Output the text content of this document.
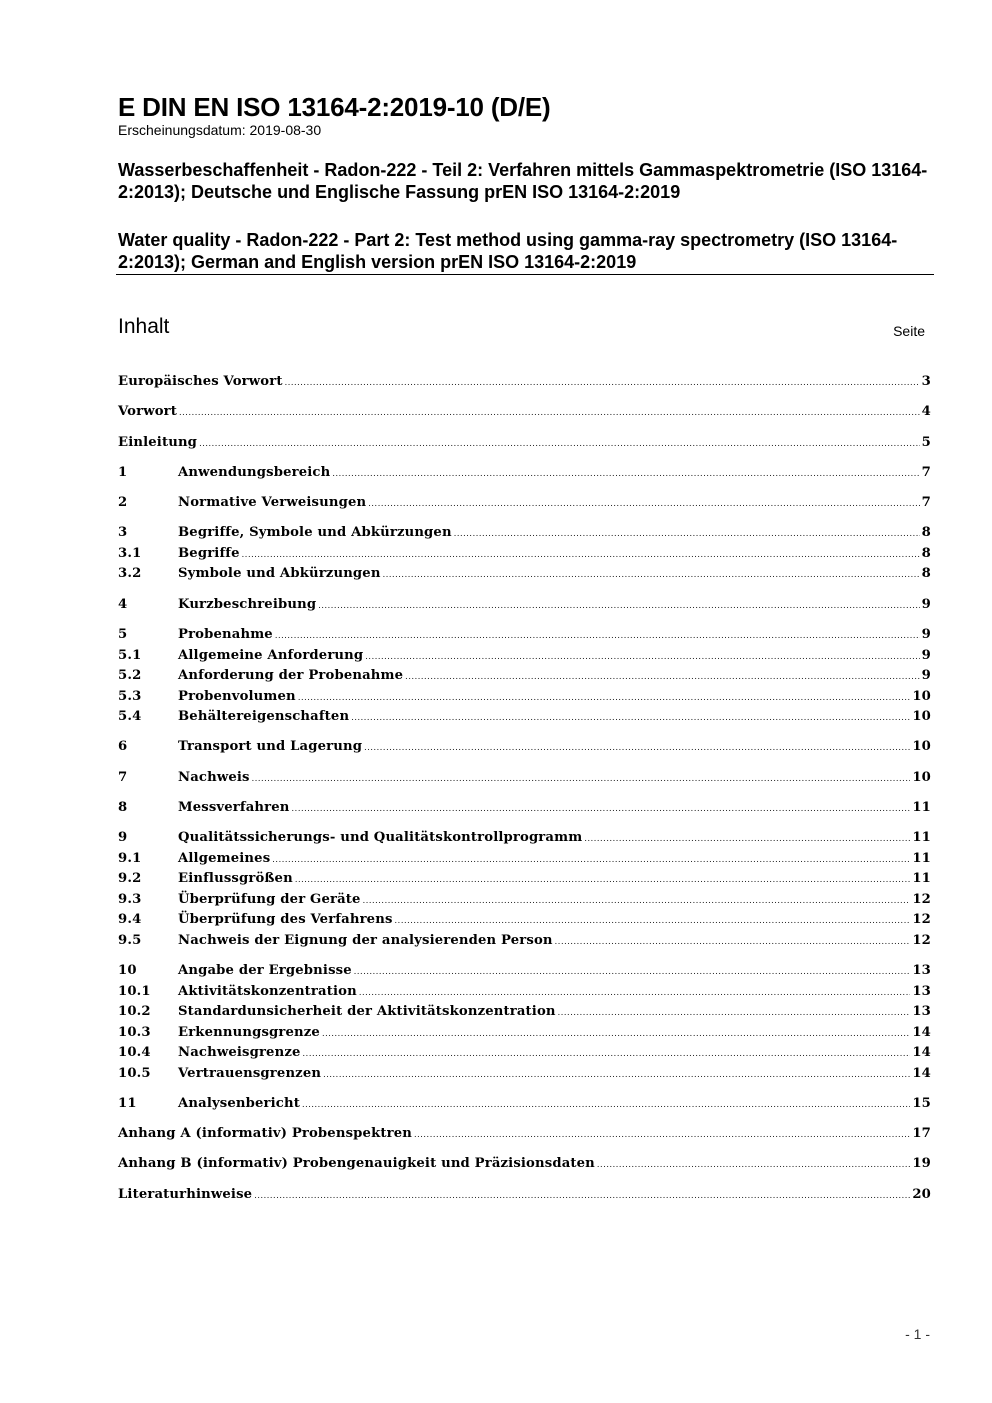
E DIN EN ISO 13164-2:2019-10 (D/E)
Erscheinungsdatum: 2019-08-30
Wasserbeschaffenheit - Radon-222 - Teil 2: Verfahren mittels Gammaspektrometrie (ISO 13164-2:2013); Deutsche und Englische Fassung prEN ISO 13164-2:2019
Water quality - Radon-222 - Part 2: Test method using gamma-ray spectrometry (ISO 13164-2:2013); German and English version prEN ISO 13164-2:2019
Inhalt	Seite
Europäisches Vorwort .....	3
Vorwort .....	4
Einleitung .....	5
1	Anwendungsbereich .....	7
2	Normative Verweisungen .....	7
3	Begriffe, Symbole und Abkürzungen .....	8
3.1	Begriffe .....	8
3.2	Symbole und Abkürzungen .....	8
4	Kurzbeschreibung .....	9
5	Probenahme .....	9
5.1	Allgemeine Anforderung .....	9
5.2	Anforderung der Probenahme .....	9
5.3	Probenvolumen .....	10
5.4	Behältereigenschaften .....	10
6	Transport und Lagerung .....	10
7	Nachweis .....	10
8	Messverfahren .....	11
9	Qualitätssicherungs- und Qualitätskontrollprogramm .....	11
9.1	Allgemeines .....	11
9.2	Einflussgrößen .....	11
9.3	Überprüfung der Geräte .....	12
9.4	Überprüfung des Verfahrens .....	12
9.5	Nachweis der Eignung der analysierenden Person .....	12
10	Angabe der Ergebnisse .....	13
10.1	Aktivitätskonzentration .....	13
10.2	Standardunsicherheit der Aktivitätskonzentration .....	13
10.3	Erkennungsgrenze .....	14
10.4	Nachweisgrenze .....	14
10.5	Vertrauensgrenzen .....	14
11	Analysenbericht .....	15
Anhang A (informativ) Probenspektren .....	17
Anhang B (informativ) Probengenauigkeit und Präzisionsdaten .....	19
Literaturhinweise .....	20
- 1 -
